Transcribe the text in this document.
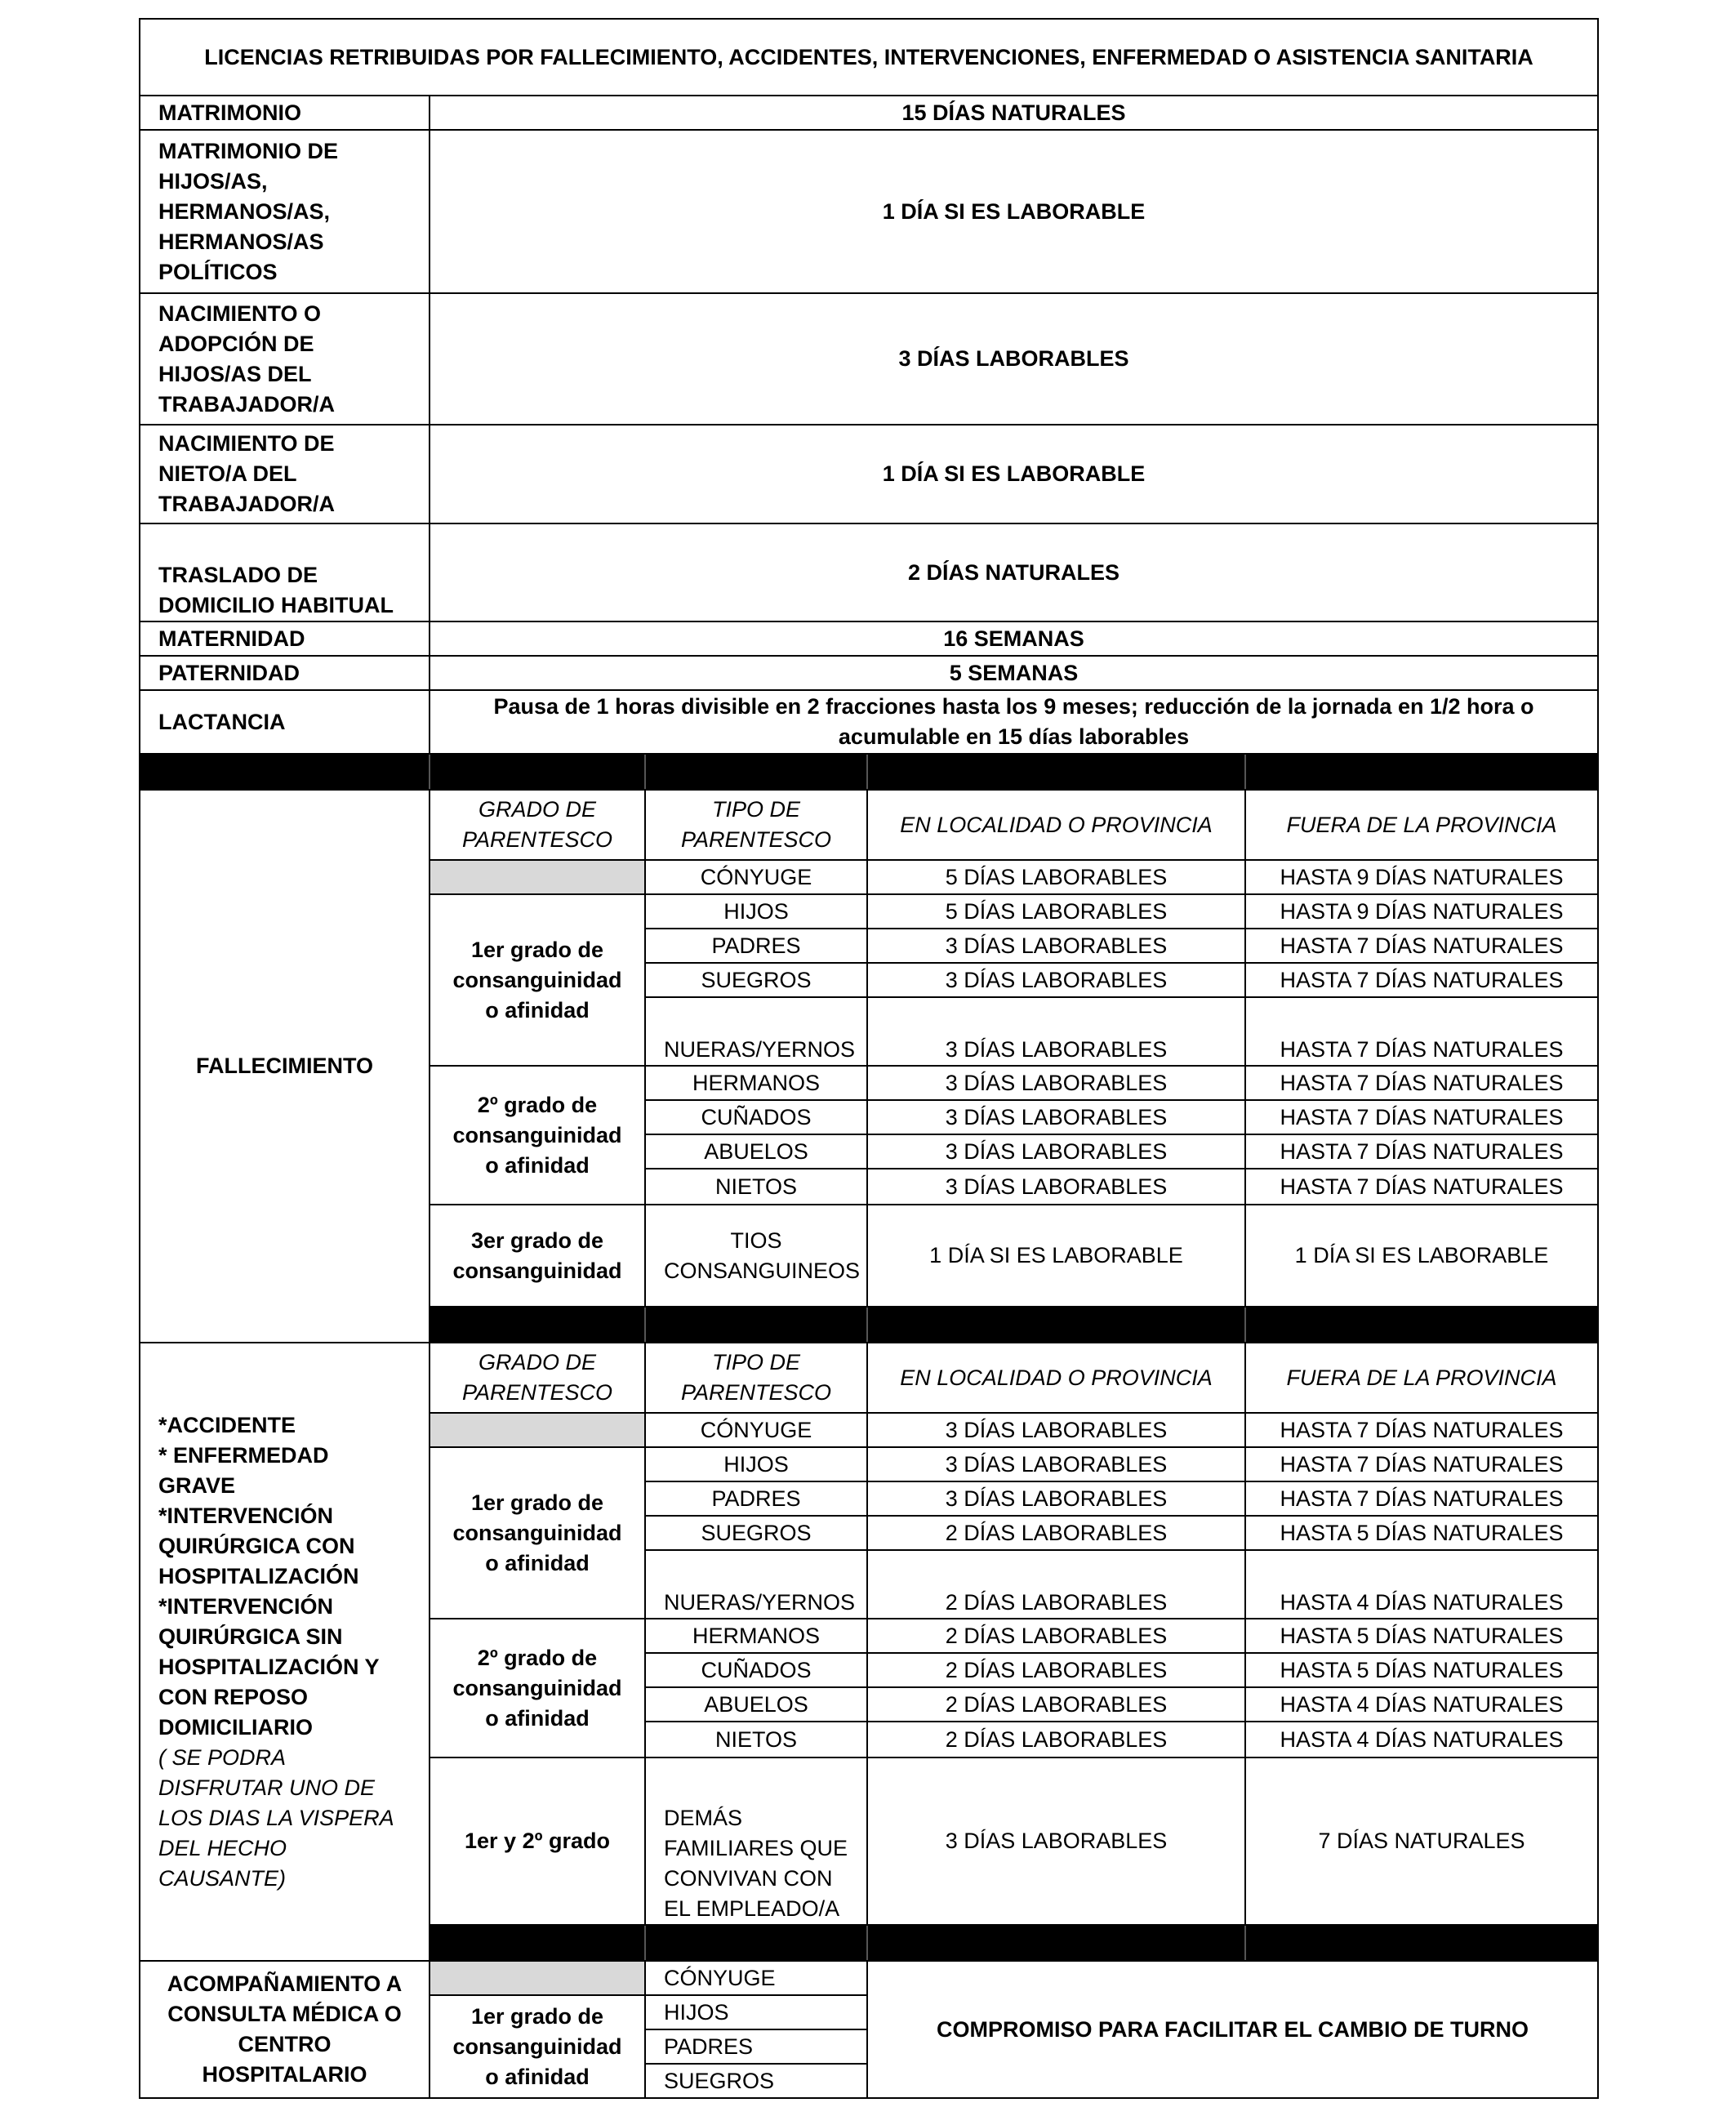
LICENCIAS RETRIBUIDAS POR FALLECIMIENTO, ACCIDENTES, INTERVENCIONES, ENFERMEDAD O ASISTENCIA SANITARIA					
MATRIMONIO	15 DÍAS NATURALES				
MATRIMONIO DE HIJOS/AS, HERMANOS/AS, HERMANOS/AS POLÍTICOS	1 DÍA SI ES LABORABLE				
NACIMIENTO O ADOPCIÓN DE HIJOS/AS DEL TRABAJADOR/A	3 DÍAS LABORABLES				
NACIMIENTO DE NIETO/A DEL TRABAJADOR/A	1 DÍA SI ES LABORABLE				
TRASLADO DE DOMICILIO HABITUAL	2 DÍAS NATURALES				
MATERNIDAD	16 SEMANAS				
PATERNIDAD	5 SEMANAS				
LACTANCIA	Pausa de 1 horas divisible en 2 fracciones hasta los 9 meses; reducción de la jornada en 1/2 hora o acumulable en 15 días laborables				

FALLECIMIENTO	GRADO DE PARENTESCO	TIPO DE PARENTESCO	EN LOCALIDAD O PROVINCIA	FUERA DE LA PROVINCIA	
		CÓNYUGE	5 DÍAS LABORABLES	HASTA 9 DÍAS NATURALES	
	1er grado de consanguinidad o afinidad	HIJOS	5 DÍAS LABORABLES	HASTA 9 DÍAS NATURALES	
		PADRES	3 DÍAS LABORABLES	HASTA 7 DÍAS NATURALES	
		SUEGROS	3 DÍAS LABORABLES	HASTA 7 DÍAS NATURALES	
		NUERAS/YERNOS	3 DÍAS LABORABLES	HASTA 7 DÍAS NATURALES	
	2º grado de consanguinidad o afinidad	HERMANOS	3 DÍAS LABORABLES	HASTA 7 DÍAS NATURALES	
		CUÑADOS	3 DÍAS LABORABLES	HASTA 7 DÍAS NATURALES	
		ABUELOS	3 DÍAS LABORABLES	HASTA 7 DÍAS NATURALES	
		NIETOS	3 DÍAS LABORABLES	HASTA 7 DÍAS NATURALES	
	3er grado de consanguinidad	TIOS CONSANGUINEOS	1 DÍA SI ES LABORABLE	1 DÍA SI ES LABORABLE	

*ACCIDENTE
* ENFERMEDAD GRAVE
*INTERVENCIÓN QUIRÚRGICA CON HOSPITALIZACIÓN
*INTERVENCIÓN QUIRÚRGICA SIN HOSPITALIZACIÓN Y CON REPOSO DOMICILIARIO
( SE PODRA DISFRUTAR UNO DE LOS DIAS LA VISPERA DEL HECHO CAUSANTE)	GRADO DE PARENTESCO	TIPO DE PARENTESCO	EN LOCALIDAD O PROVINCIA	FUERA DE LA PROVINCIA	
		CÓNYUGE	3 DÍAS LABORABLES	HASTA 7 DÍAS NATURALES	
	1er grado de consanguinidad o afinidad	HIJOS	3 DÍAS LABORABLES	HASTA 7 DÍAS NATURALES	
		PADRES	3 DÍAS LABORABLES	HASTA 7 DÍAS NATURALES	
		SUEGROS	2 DÍAS LABORABLES	HASTA 5 DÍAS NATURALES	
		NUERAS/YERNOS	2 DÍAS LABORABLES	HASTA 4 DÍAS NATURALES	
	2º grado de consanguinidad o afinidad	HERMANOS	2 DÍAS LABORABLES	HASTA 5 DÍAS NATURALES	
		CUÑADOS	2 DÍAS LABORABLES	HASTA 5 DÍAS NATURALES	
		ABUELOS	2 DÍAS LABORABLES	HASTA 4 DÍAS NATURALES	
		NIETOS	2 DÍAS LABORABLES	HASTA 4 DÍAS NATURALES	
	1er y 2º grado	DEMÁS FAMILIARES QUE CONVIVAN CON EL EMPLEADO/A	3 DÍAS LABORABLES	7 DÍAS NATURALES	

ACOMPAÑAMIENTO A CONSULTA MÉDICA O CENTRO HOSPITALARIO		CÓNYUGE	COMPROMISO PARA FACILITAR EL CAMBIO DE TURNO		
	1er grado de consanguinidad o afinidad	HIJOS			
		PADRES			
		SUEGROS			
